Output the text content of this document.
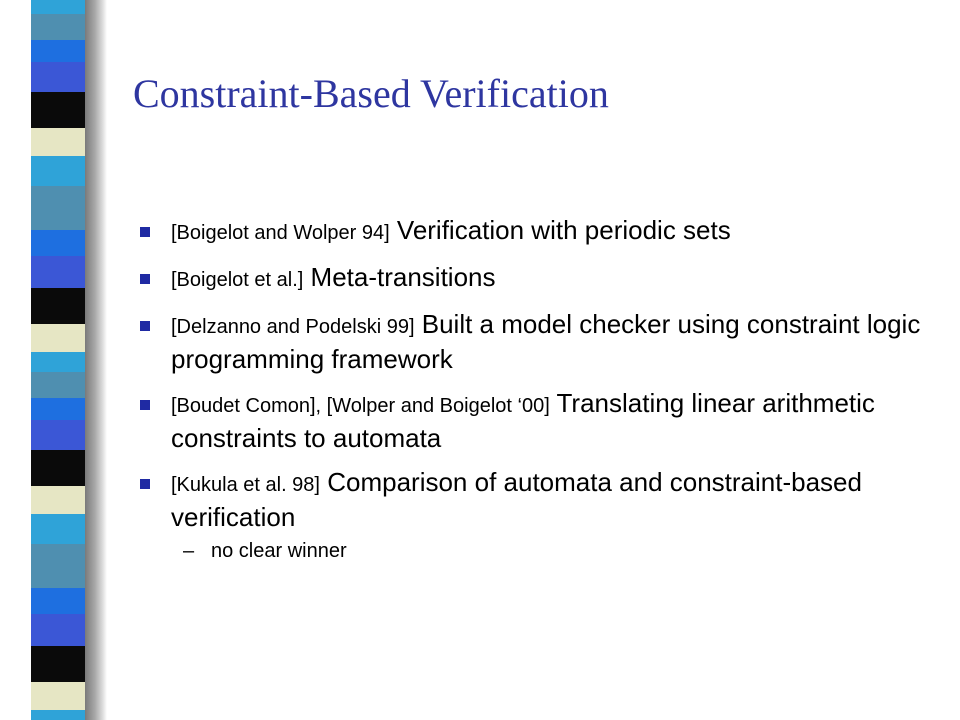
Constraint-Based Verification
[Boigelot and Wolper 94] Verification with periodic sets
[Boigelot et al.] Meta-transitions
[Delzanno and Podelski 99] Built a model checker using constraint logic programming framework
[Boudet Comon], [Wolper and Boigelot ‘00] Translating linear arithmetic constraints to automata
[Kukula et al. 98] Comparison of automata and constraint-based verification
– no clear winner
